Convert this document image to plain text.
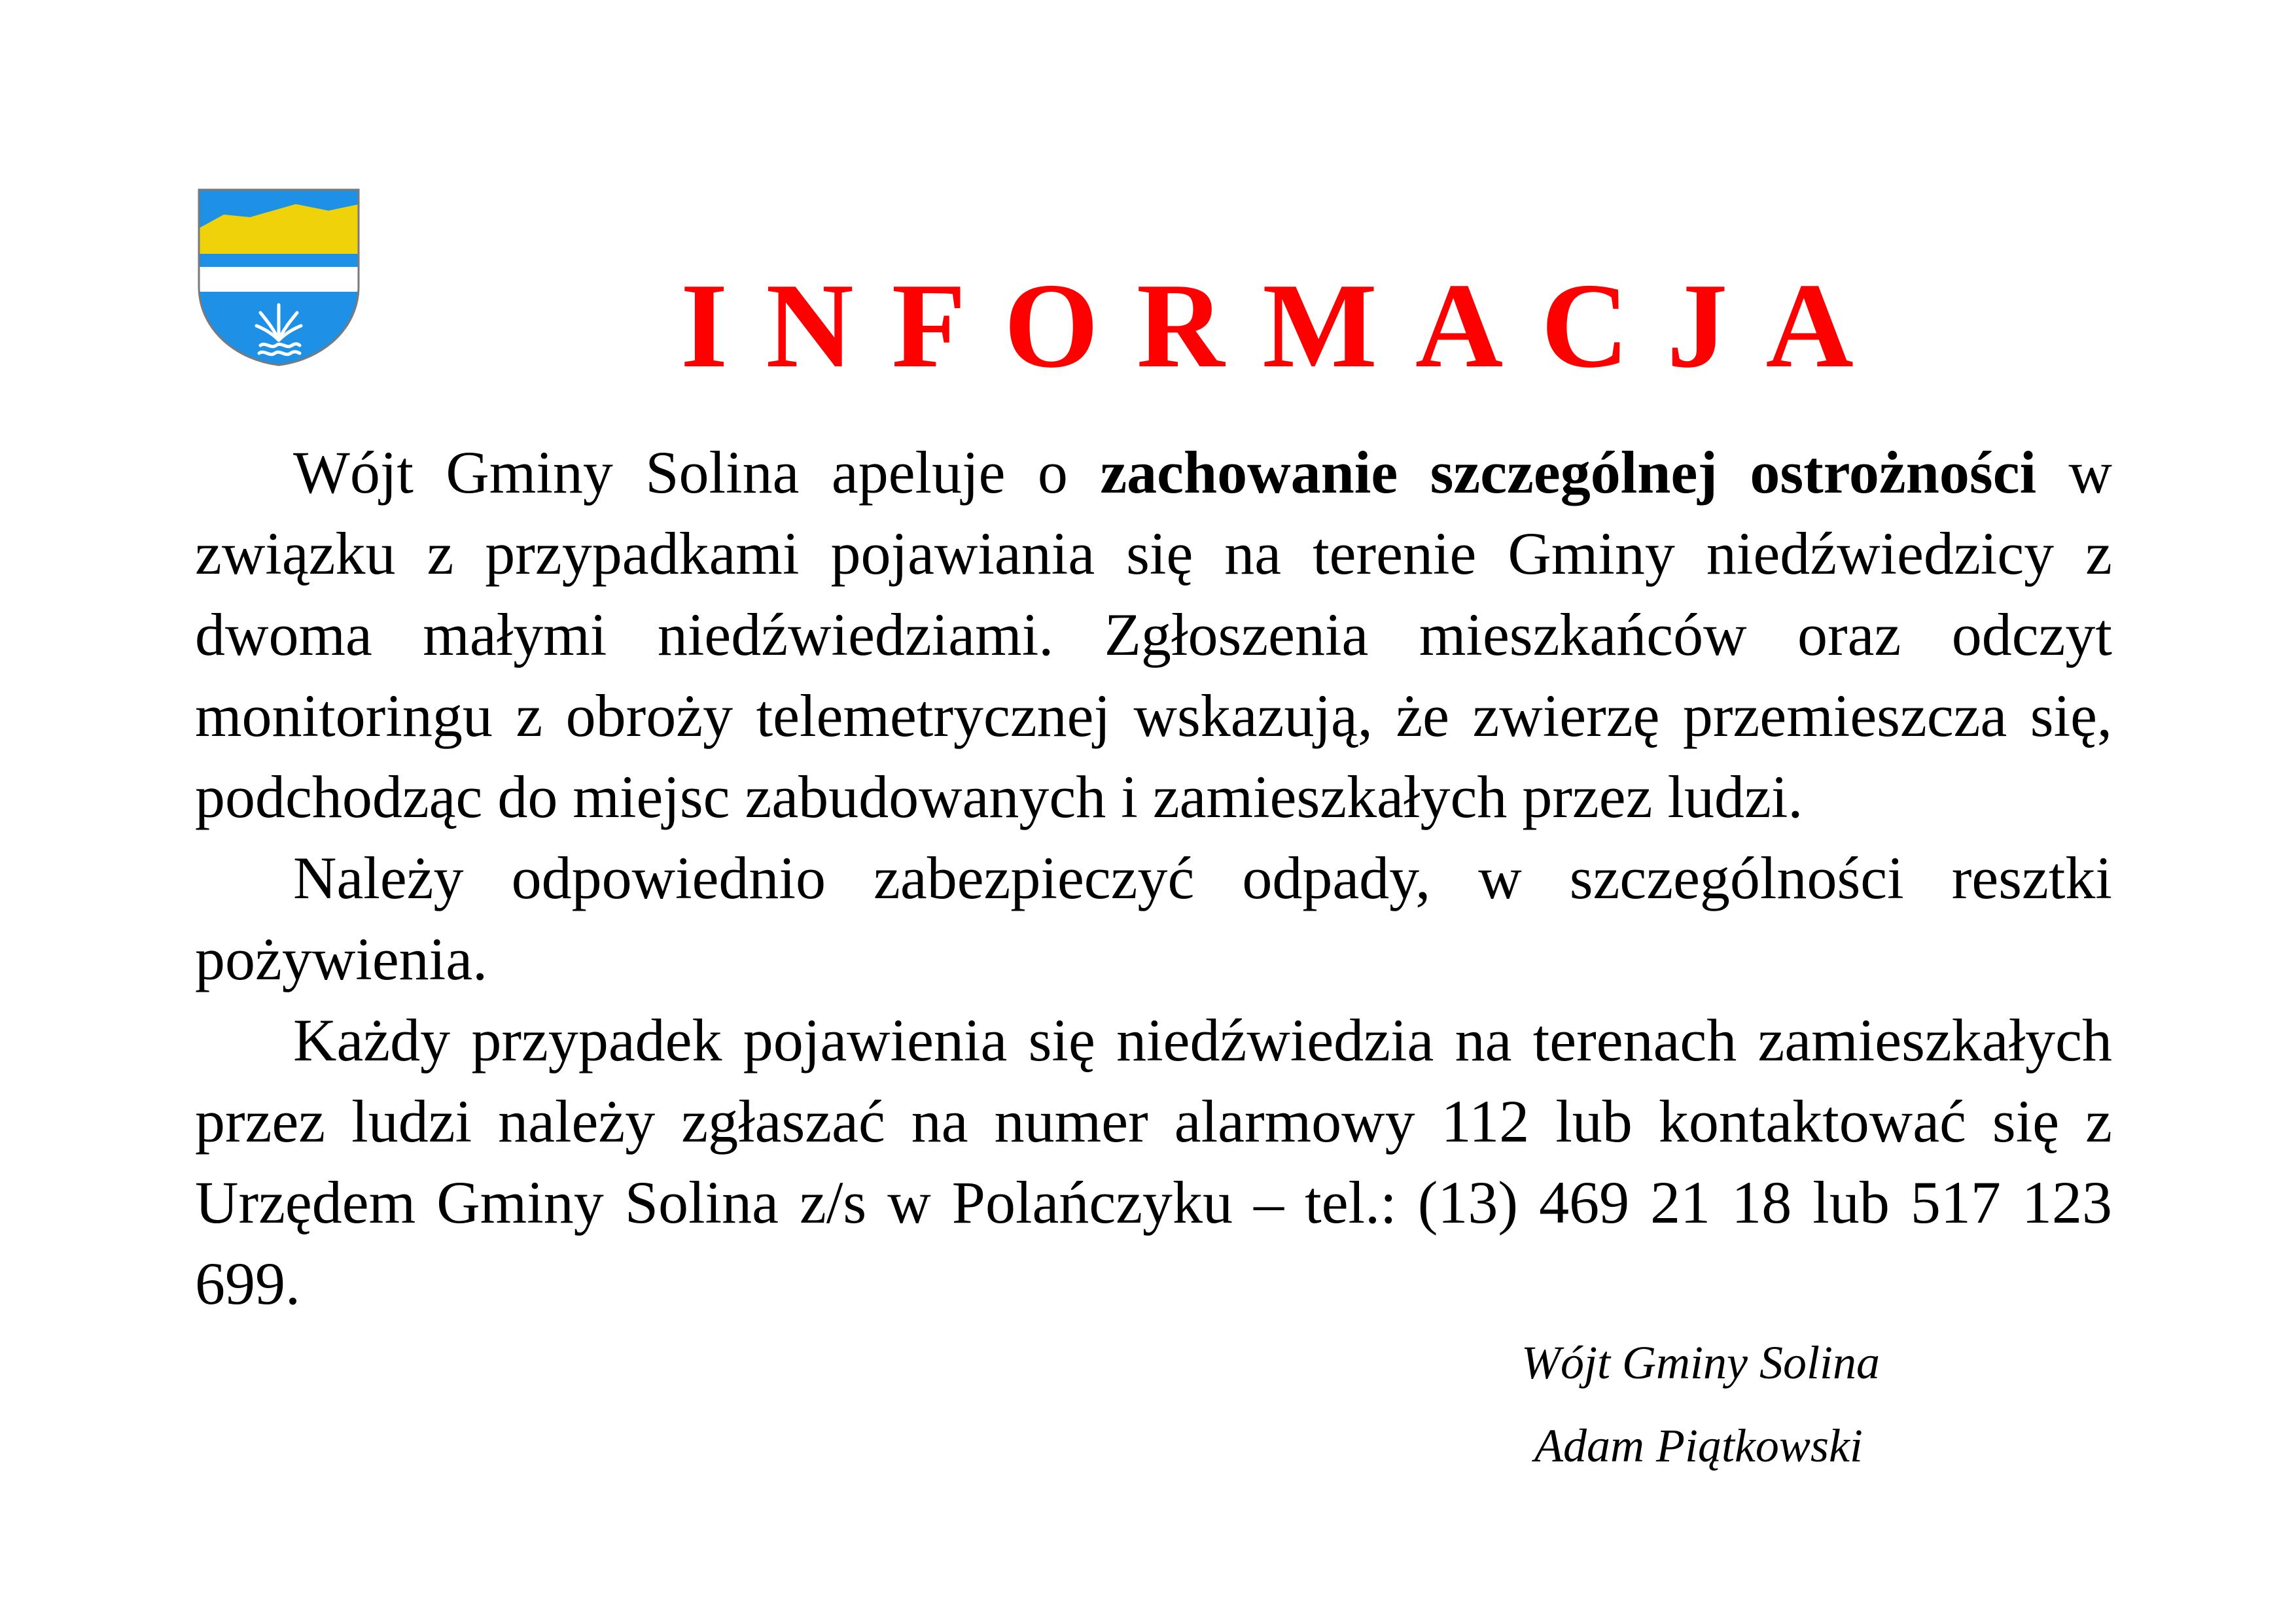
INFORMACJA

Wójt Gminy Solina apeluje o zachowanie szczególnej ostrożności w związku z przypadkami pojawiania się na terenie Gminy niedźwiedzicy z dwoma małymi niedźwiedziami. Zgłoszenia mieszkańców oraz odczyt monitoringu z obroży telemetrycznej wskazują, że zwierzę przemieszcza się, podchodząc do miejsc zabudowanych i zamieszkałych przez ludzi.

Należy odpowiednio zabezpieczyć odpady, w szczególności resztki pożywienia.

Każdy przypadek pojawienia się niedźwiedzia na terenach zamieszkałych przez ludzi należy zgłaszać na numer alarmowy 112 lub kontaktować się z Urzędem Gminy Solina z/s w Polańczyku – tel.: (13) 469 21 18 lub 517 123 699.

Wójt Gminy Solina
Adam Piątkowski
